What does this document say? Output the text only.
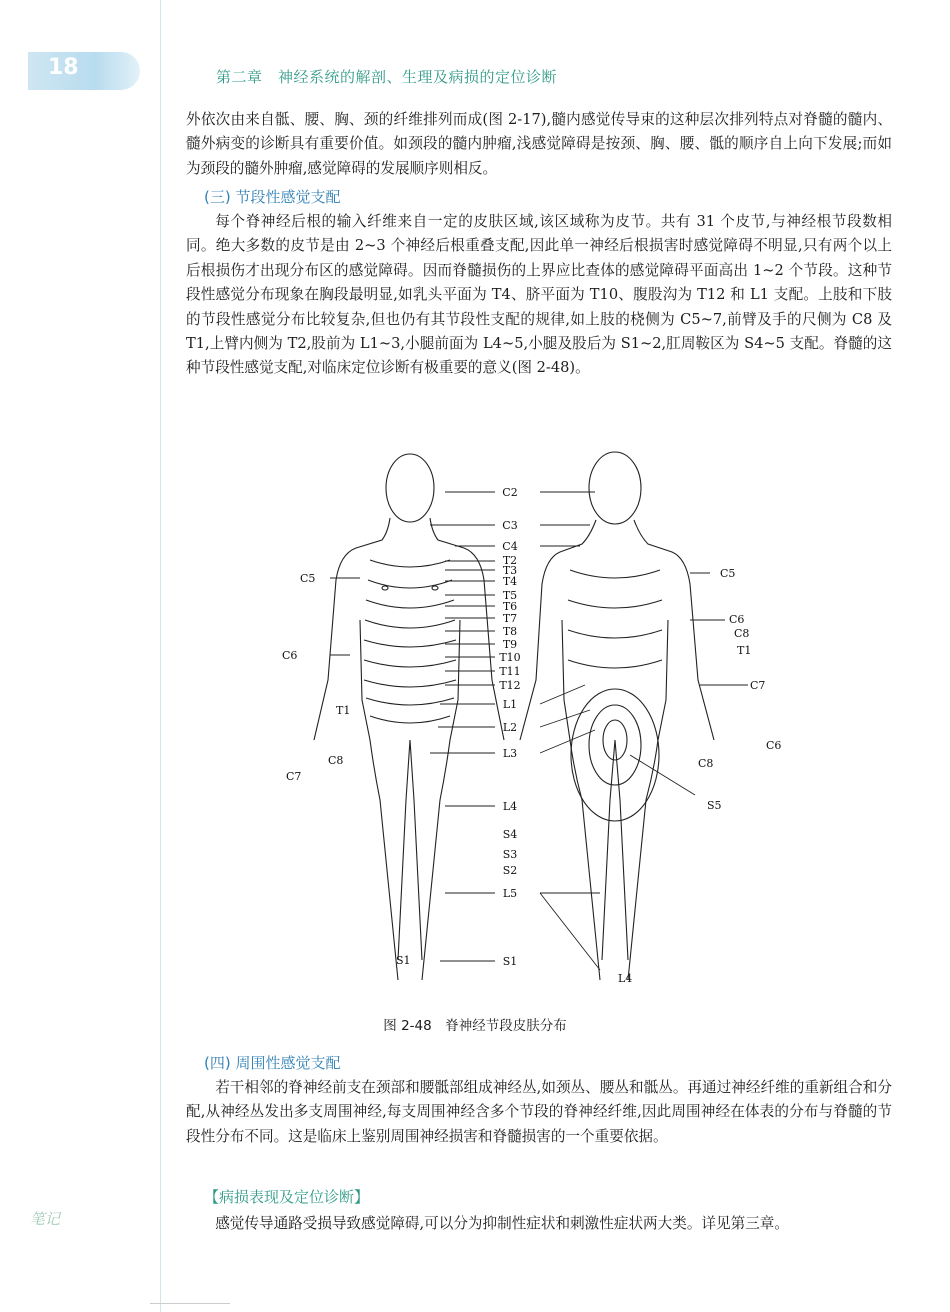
18	第二章　神经系统的解剖、生理及病损的定位诊断

外依次由来自骶、腰、胸、颈的纤维排列而成(图 2-17),髓内感觉传导束的这种层次排列特点对脊髓的髓内、髓外病变的诊断具有重要价值。如颈段的髓内肿瘤,浅感觉障碍是按颈、胸、腰、骶的顺序自上向下发展;而如为颈段的髓外肿瘤,感觉障碍的发展顺序则相反。

(三) 节段性感觉支配

每个脊神经后根的输入纤维来自一定的皮肤区域,该区域称为皮节。共有 31 个皮节,与神经根节段数相同。绝大多数的皮节是由 2~3 个神经后根重叠支配,因此单一神经后根损害时感觉障碍不明显,只有两个以上后根损伤才出现分布区的感觉障碍。因而脊髓损伤的上界应比查体的感觉障碍平面高出 1~2 个节段。这种节段性感觉分布现象在胸段最明显,如乳头平面为 T4、脐平面为 T10、腹股沟为 T12 和 L1 支配。上肢和下肢的节段性感觉分布比较复杂,但也仍有其节段性支配的规律,如上肢的桡侧为 C5~7,前臂及手的尺侧为 C8 及 T1,上臂内侧为 T2,股前为 L1~3,小腿前面为 L4~5,小腿及股后为 S1~2,肛周鞍区为 S4~5 支配。脊髓的这种节段性感觉支配,对临床定位诊断有极重要的意义(图 2-48)。

C2
C3
C4
T2
T3
T4
T5
T6
T7
T8
T9
T10
T11
T12
L1
L2
L3
L4
S4
S3
S2
L5
S1
C5
C6
T1
C8
C7
S1
C5
C6
C8
T1
C7
C6
C8
S5
L4
图 2-48　脊神经节段皮肤分布
(四) 周围性感觉支配

若干相邻的脊神经前支在颈部和腰骶部组成神经丛,如颈丛、腰丛和骶丛。再通过神经纤维的重新组合和分配,从神经丛发出多支周围神经,每支周围神经含多个节段的脊神经纤维,因此周围神经在体表的分布与脊髓的节段性分布不同。这是临床上鉴别周围神经损害和脊髓损害的一个重要依据。

【病损表现及定位诊断】

感觉传导通路受损导致感觉障碍,可以分为抑制性症状和刺激性症状两大类。详见第三章。

笔记
